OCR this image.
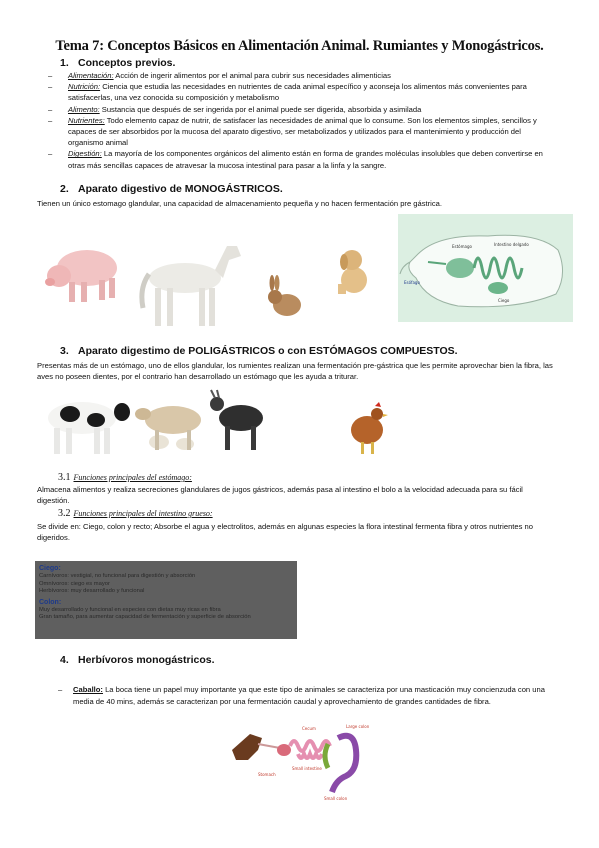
Tema 7: Conceptos Básicos en Alimentación Animal. Rumiantes y Monogástricos.
1. Conceptos previos.
– Alimentación: Acción de ingerir alimentos por el animal para cubrir sus necesidades alimenticias
– Nutrición: Ciencia que estudia las necesidades en nutrientes de cada animal específico y aconseja los alimentos más convenientes para satisfacerlas, una vez conocida su composición y metabolismo
– Alimento: Sustancia que después de ser ingerida por el animal puede ser digerida, absorbida y asimilada
– Nutrientes: Todo elemento capaz de nutrir, de satisfacer las necesidades de animal que lo consume. Son los elementos simples, sencillos y capaces de ser absorbidos por la mucosa del aparato digestivo, ser metabolizados y utilizados para el mantenimiento y producción del organismo animal
– Digestión: La mayoría de los componentes orgánicos del alimento están en forma de grandes moléculas insolubles que deben convertirse en otras más sencillas capaces de atravesar la mucosa intestinal para pasar a la linfa y la sangre.
2. Aparato digestivo de MONOGÁSTRICOS.
Tienen un único estomago glandular, una capacidad de almacenamiento pequeña y no hacen fermentación pre gástrica.
Estómago	Intestino delgado
Ciego
Esófago
3. Aparato digestimo de POLIGÁSTRICOS o con ESTÓMAGOS COMPUESTOS.
Presentas más de un estómago, uno de ellos glandular, los rumientes realizan una fermentación pre-gástrica que les permite aprovechar bien la fibra, las aves no poseen dientes, por el contrario han desarrollado un estómago que les ayuda a triturar.
3.1 Funciones principales del estómago:
Almacena alimentos y realiza secreciones glandulares de jugos gástricos, además pasa al intestino el bolo a la velocidad adecuada para su fácil digestión.
3.2 Funciones principales del intestino grueso:
Se divide en: Ciego, colon y recto; Absorbe el agua y electrolitos, además en algunas especies la flora intestinal fermenta fibra y otros nutrientes no digeridos.
Ciego:
Carnívoros: vestigial, no funcional para digestión y absorción
Omnívoros: ciego es mayor
Herbívoros: muy desarrollado y funcional
Colon:
Muy desarrollado y funcional en especies con dietas muy ricas en fibra
Gran tamaño, para aumentar capacidad de fermentación y superficie de absorción
4. Herbívoros monogástricos.
–	Caballo: La boca tiene un papel muy importante ya que este tipo de animales se caracteriza por una masticación muy concienzuda con una media de 40 mins, además se caracterizan por una fermentación caudal y aprovechamiento de grandes cantidades de fibra.
Cecum	Large colon
Small intestine
Stomach
Small colon
